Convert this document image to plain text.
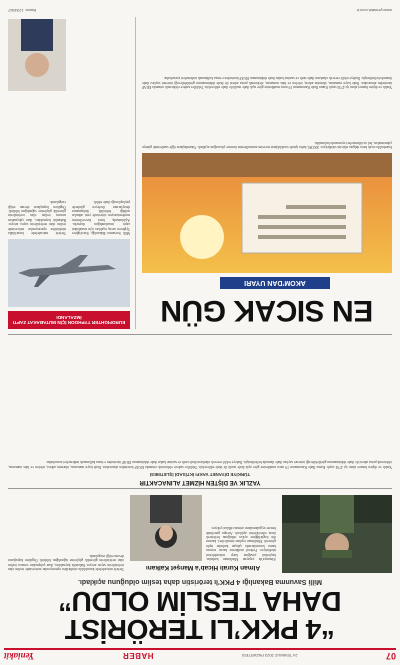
07
24 TEMMUZ 2023 PAZARTESİ
HABER
Yeniakit
“4 PKK’LI TERÖRİST
DAHA TESLİM OLDU”
Milli Savunma Bakanlığı 4 PKK'lı teröristin daha teslim olduğunu açıkladı.
Alman Kuralı Hicab’a Manşet Kalkanı
Almanya'da yaşayan Müslüman kadınlar, başörtüsü yasağına karşı mücadelesini sürdürüyor. Federal mahkeme kararı sonrası kamu kurumlarında çalışan kadınlar tepki gösterdi. Müslüman toplum temsilcileri, kararın din özgürlüğüne aykırı olduğunu belirterek itiraz edeceklerini açıkladı. Avrupa genelinde benzer uygulamaların artması dikkat çekiyor.
Terörle mücadelede kararlılıkla sürdürülen operasyonlar neticesinde teslim olan teröristlerin sayısı artıyor. Bakanlık kaynakları, ikna çalışmaları sonucu teslim olan teröristlerin güvenlik güçlerine sığındığını bildirdi. Örgütten kopuşların devam ettiği vurgulandı.
YAZLIK VE DİŞTEN HİZMET ALINACAKTIR
TÜRKİYE DİYANET VAKFI İKTİSADİ İŞLETMESİ
Yazlık ve dişten hizmet alımı işi 4734 sayılı Kamu İhale Kanununun 19 uncu maddesine göre açık ihale usulü ile ihale edilecektir. Teklifler sadece elektronik ortamda EKAP üzerinden alınacaktır. İhale kayıt numarası, idarenin adresi, telefon ve faks numarası, elektronik posta adresi ile ihale dokümanının görülebileceği internet sayfası ihale ilanında belirtilmiştir. İhaleye teklif verecek olanların ihale tarih ve saatine kadar ihale dokümanını EKAP üzerinden e-imza kullanarak indirmeleri zorunludur.
EN SICAK GÜN
AKOM’DAN UYARI
İstanbul'da sıcak hava dalgası etkisini sürdürüyor. AKOM, hafta içinde sıcaklıkların mevsim normallerinin üzerine çıkacağını açıkladı. Vatandaşların öğle saatlerinde güneşe çıkmamaları, bol su tüketmeleri uyarısında bulunuldu.
EUROFIGHTER TYPHOON İÇİN MUTABAKAT ZAPTI İMZALANDI
Milli Savunma Bakanlığı, Eurofighter Typhoon savaş uçakları için mutabakat zaptı imzalandığını duyurdu. Açıklamada, hava kuvvetlerinin modernizasyon sürecinde yeni adımlar atıldığı belirtildi. Anlaşmanın detaylarının ilerleyen günlerde paylaşılacağı ifade edildi.
Terörle mücadelede kararlılıkla sürdürülen operasyonlar neticesinde teslim olan teröristlerin sayısı artıyor. Bakanlık kaynakları, ikna çalışmaları sonucu teslim olan teröristlerin güvenlik güçlerine sığındığını bildirdi. Örgütten kopuşların devam ettiği vurgulandı.
Yazlık ve dişten hizmet alımı işi 4734 sayılı Kamu İhale Kanununun 19 uncu maddesine göre açık ihale usulü ile ihale edilecektir. Teklifler sadece elektronik ortamda EKAP üzerinden alınacaktır. İhale kayıt numarası, idarenin adresi, telefon ve faks numarası, elektronik posta adresi ile ihale dokümanının görülebileceği internet sayfası ihale ilanında belirtilmiştir. İhaleye teklif verecek olanların ihale tarih ve saatine kadar ihale dokümanını EKAP üzerinden e-imza kullanarak indirmeleri zorunludur.
www.yeniakit.com.tr
Basın: 1234567
